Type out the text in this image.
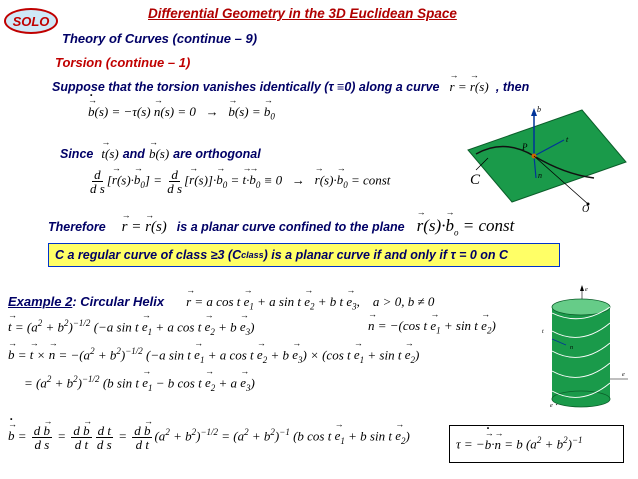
SOLO	Differential Geometry in the 3D Euclidean Space
Theory of Curves (continue – 9)
Torsion (continue – 1)
Suppose that the torsion vanishes identically (τ ≡0) along a curve → r = → r(s) , then
→ b ·(s) = −τ(s) → n(s) = 0   →   → b(s) = → $b_0$
Since → t(s) and → b(s) are orthogonal
$\frac{d}{\text{d s}}$ [→ $r(s)\cdot\to b_0] = \frac{d}{\text{d s}}$ [→ $r(s)]\cdot\to b_0$ = → $t\cdot\to b_0 \equiv 0$   →   → $r(s)\cdot\to b_0$ = const
b
t
n
P
O
C
Therefore → r = → r(s) is a planar curve confined to the plane → $r(s)\cdot\to b_o$ = const
C a regular curve of class ≥3 (C class ) is a planar curve if and only if τ = 0 on C
Example 2: Circular Helix → r = a $\cos t \to e_1 + a$ $\sin t \to e_2 + b$ $t \to e_3$,    a > 0, b ≠ 0
→ $t = (a^2 + b^2)^{-1/2}$ (−a $\sin t \to e_1 + a$ $\cos t \to e_2 + b \to e_3$)	→ n = −(cos $t \to e_1 + \sin t \to e_2$)
→ b = → t × → $n = -(a^2 + b^2)^{-1/2}$ (−a $\sin t \to e_1 + a$ $\cos t \to e_2 + b \to e_3) \times (\cos$ $t \to e_1 + \sin t \to e_2$)
= $(a^2 + b^2)^{-1/2}$ (b $\sin t \to e_1 - b$ $\cos t \to e_2 + a \to e_3$)
→ b · = $\frac{d \to b}{\text{d s}} = \frac{d \to b}{\text{d t}} \frac{\text{d t}}{\text{d s}} = \frac{d \to b}{\text{d t}} (a^2 + b^2)^{-1/2} = (a^2 + b^2)^{-1}$ (b $\cos t \to e_1 + b$ $\sin t \to e_2$)
τ = −→ b ··→ n = b $(a^2 + b^2)^{-1}$
e
e
e
t
n
